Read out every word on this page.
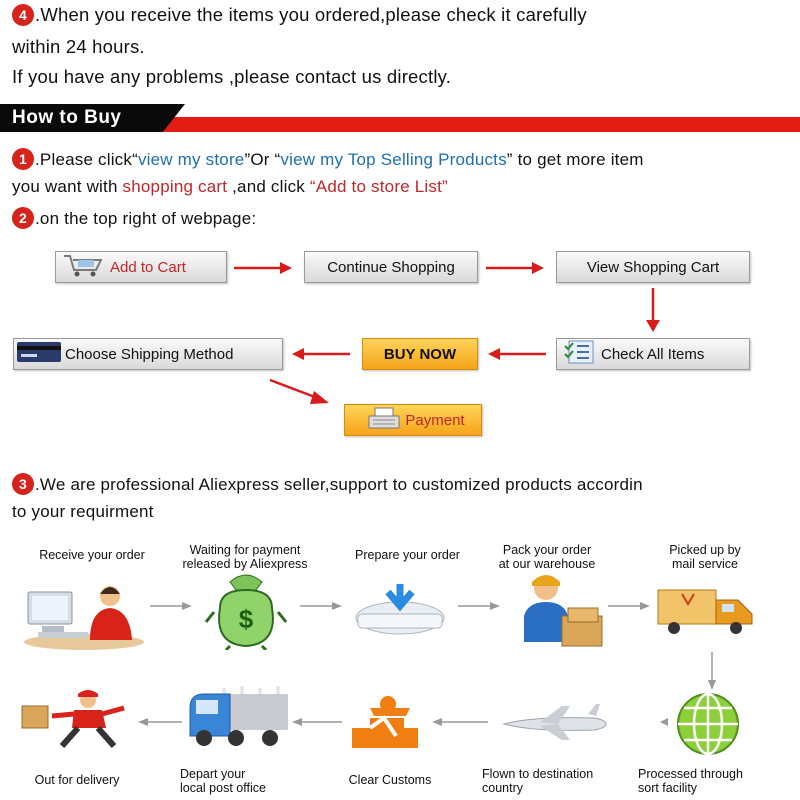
4 .When you receive the items you ordered,please check it carefully
within 24 hours.
If you have any problems ,please contact us directly.
How to Buy
1 .Please click“view my store”Or “view my Top Selling Products” to get more item
you want with shopping cart ,and click “Add to store List”
2 .on the top right of webpage:
Add to Cart	Continue Shopping	View Shopping Cart
Choose Shipping Method	BUY NOW	Check All Items
Payment
3 .We are professional Aliexpress seller,support to customized products accordin
to your requirment
Receive your order	Waiting for payment
released by Aliexpress
Prepare your order	Pack your order
at our warehouse
Picked up by
mail service
$
Out for delivery	Depart your
local post office
Clear Customs	Flown to destination
country
Processed through
sort facility
